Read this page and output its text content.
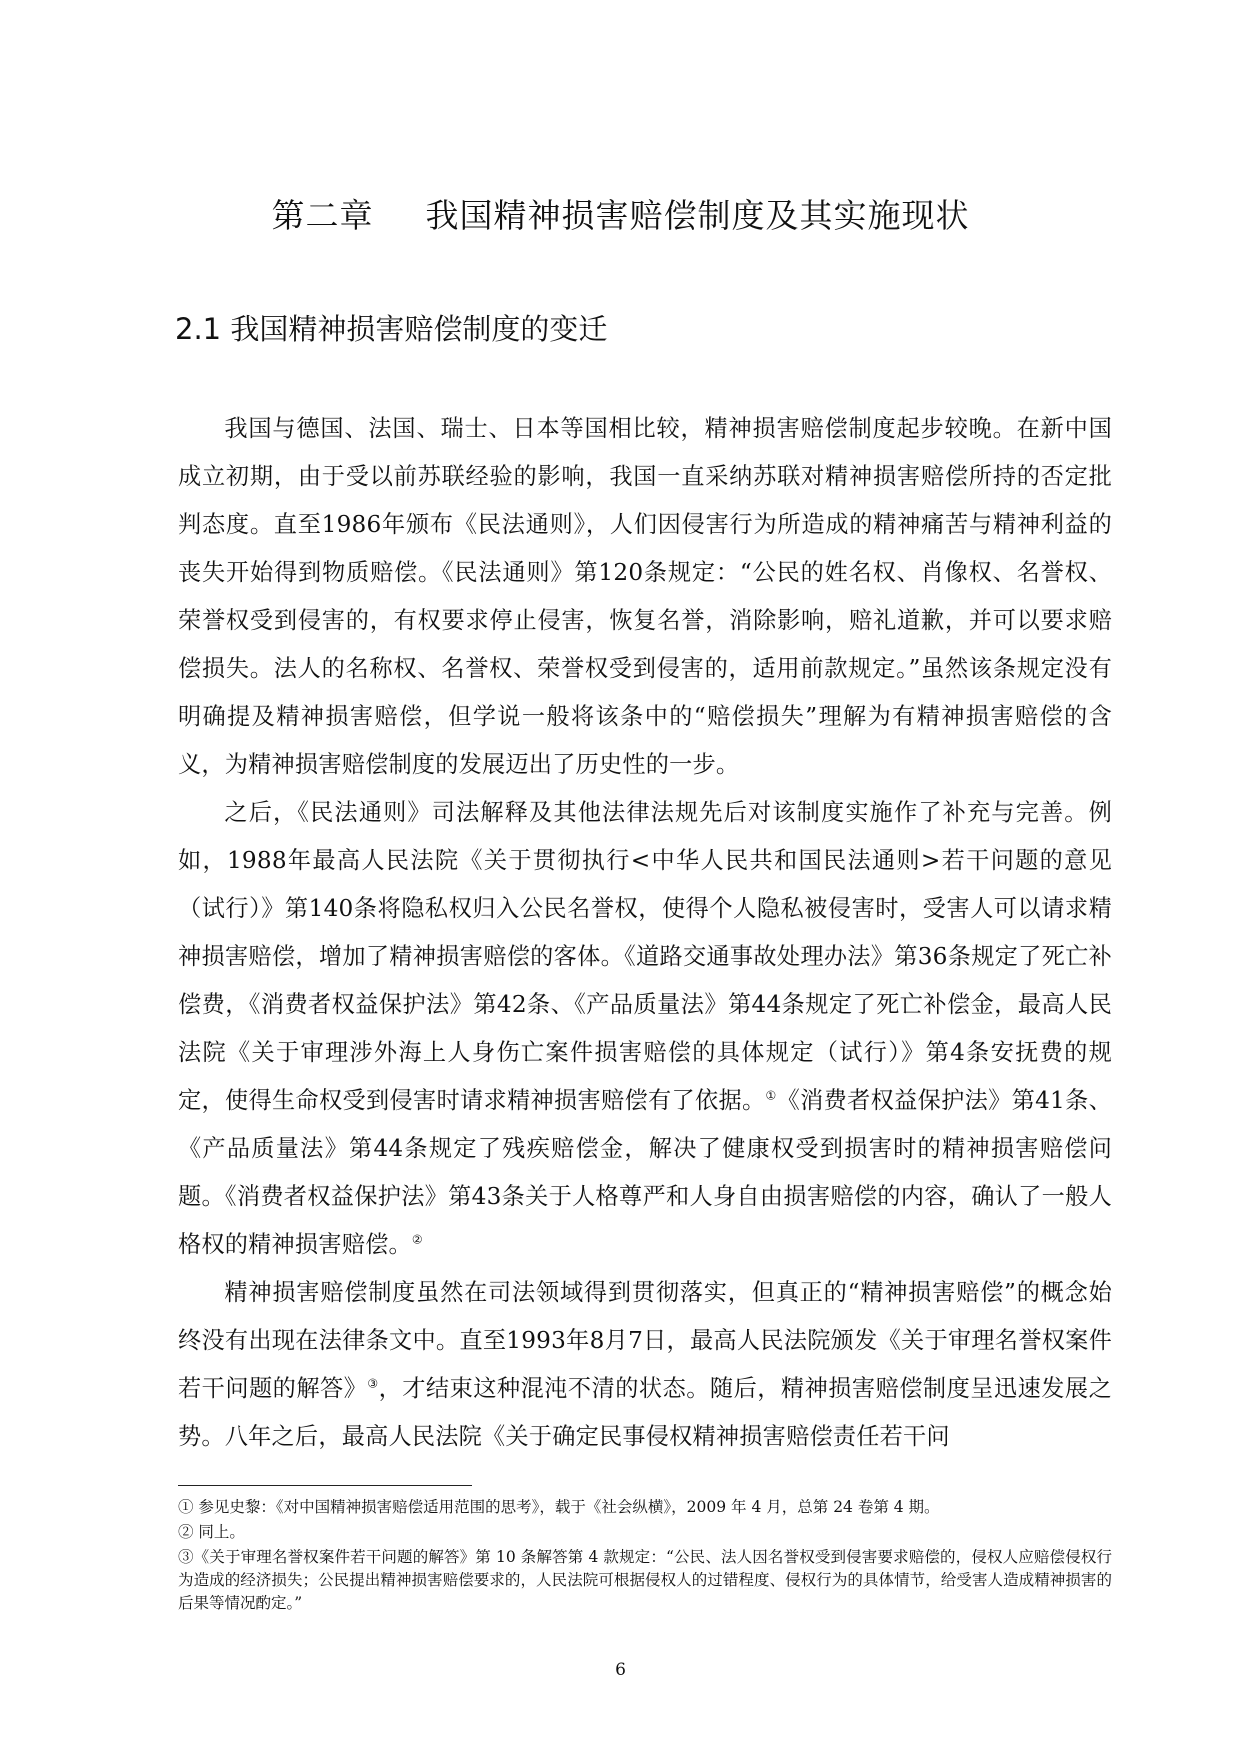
第二章 我国精神损害赔偿制度及其实施现状
2.1 我国精神损害赔偿制度的变迁

我国与德国、法国、瑞士、日本等国相比较，精神损害赔偿制度起步较晚。在新中国成立初期，由于受以前苏联经验的影响，我国一直采纳苏联对精神损害赔偿所持的否定批判态度。直至1986年颁布《民法通则》，人们因侵害行为所造成的精神痛苦与精神利益的丧失开始得到物质赔偿。《民法通则》第120条规定：“公民的姓名权、肖像权、名誉权、荣誉权受到侵害的，有权要求停止侵害，恢复名誉，消除影响，赔礼道歉，并可以要求赔偿损失。法人的名称权、名誉权、荣誉权受到侵害的，适用前款规定。”虽然该条规定没有明确提及精神损害赔偿，但学说一般将该条中的“赔偿损失”理解为有精神损害赔偿的含义，为精神损害赔偿制度的发展迈出了历史性的一步。

之后，《民法通则》司法解释及其他法律法规先后对该制度实施作了补充与完善。例如，1988年最高人民法院《关于贯彻执行<中华人民共和国民法通则>若干问题的意见（试行）》第140条将隐私权归入公民名誉权，使得个人隐私被侵害时，受害人可以请求精神损害赔偿，增加了精神损害赔偿的客体。《道路交通事故处理办法》第36条规定了死亡补偿费，《消费者权益保护法》第42条、《产品质量法》第44条规定了死亡补偿金，最高人民法院《关于审理涉外海上人身伤亡案件损害赔偿的具体规定（试行）》第4条安抚费的规定，使得生命权受到侵害时请求精神损害赔偿有了依据。①《消费者权益保护法》第41条、《产品质量法》第44条规定了残疾赔偿金，解决了健康权受到损害时的精神损害赔偿问题。《消费者权益保护法》第43条关于人格尊严和人身自由损害赔偿的内容，确认了一般人格权的精神损害赔偿。②

精神损害赔偿制度虽然在司法领域得到贯彻落实，但真正的“精神损害赔偿”的概念始终没有出现在法律条文中。直至1993年8月7日，最高人民法院颁发《关于审理名誉权案件若干问题的解答》③，才结束这种混沌不清的状态。随后，精神损害赔偿制度呈迅速发展之势。八年之后，最高人民法院《关于确定民事侵权精神损害赔偿责任若干问

① 参见史黎：《对中国精神损害赔偿适用范围的思考》，载于《社会纵横》，2009 年 4 月，总第 24 卷第 4 期。

② 同上。

③《关于审理名誉权案件若干问题的解答》第 10 条解答第 4 款规定：“公民、法人因名誉权受到侵害要求赔偿的，侵权人应赔偿侵权行为造成的经济损失；公民提出精神损害赔偿要求的，人民法院可根据侵权人的过错程度、侵权行为的具体情节，给受害人造成精神损害的后果等情况酌定。”

6
